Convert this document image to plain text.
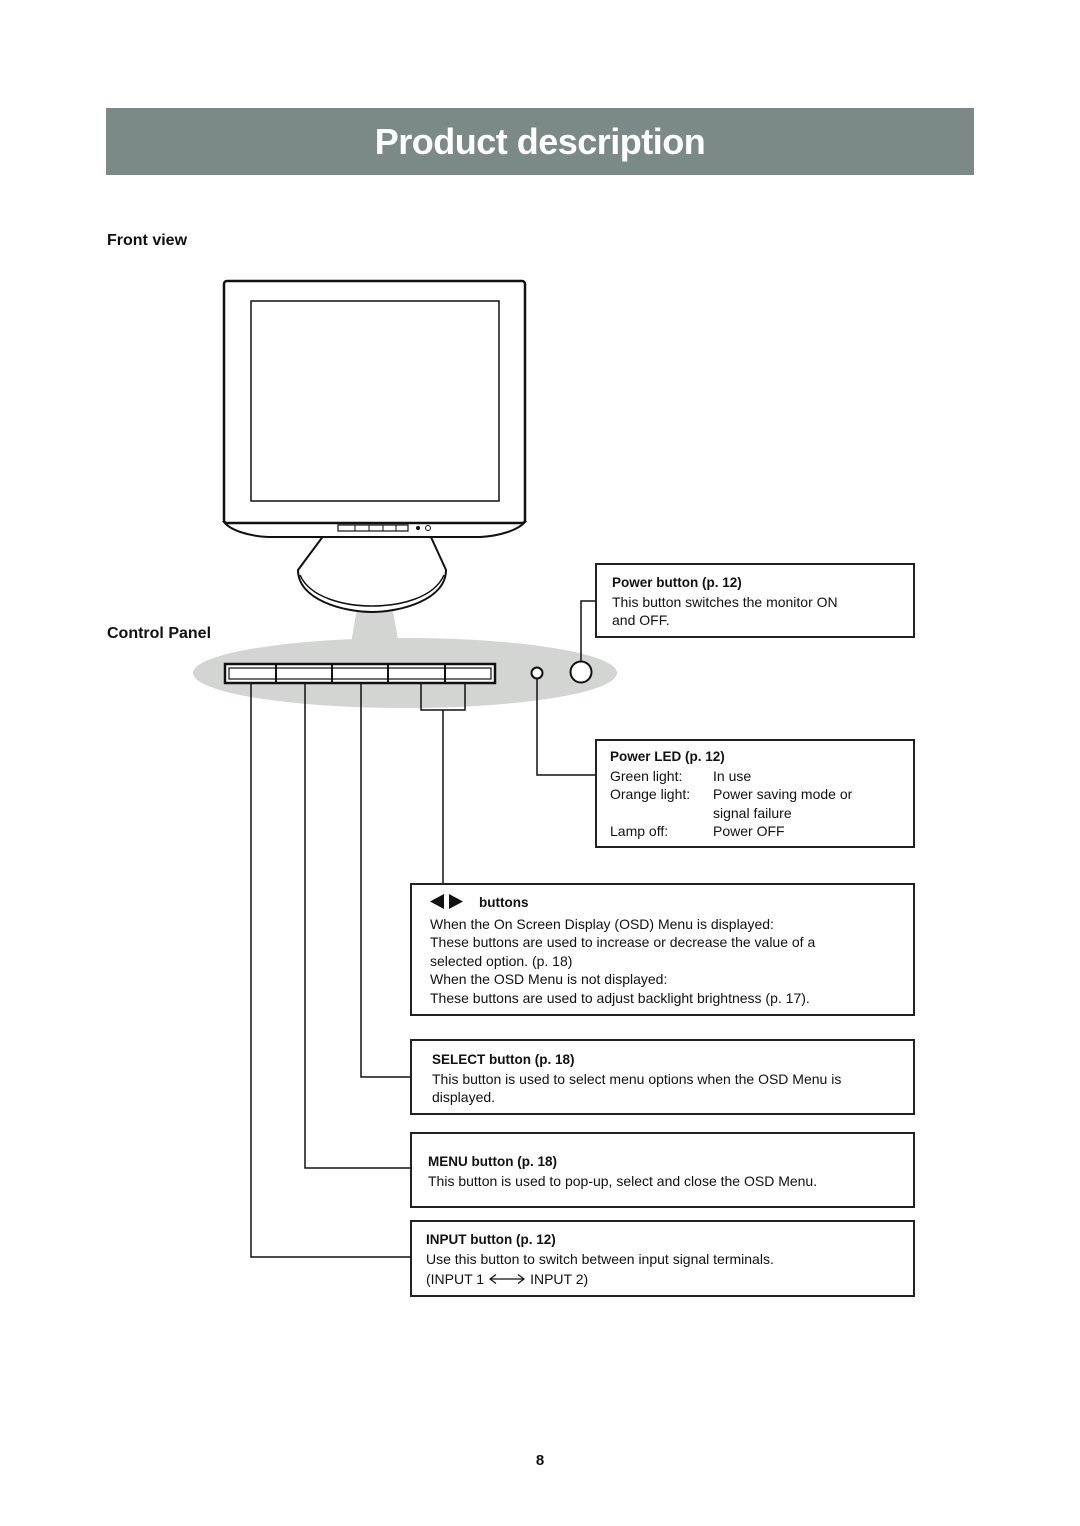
Product description
Front view
Control Panel
Power button (p. 12)
This button switches the monitor ON
and OFF.
Power LED (p. 12)
Green light:	In use
Orange light:	Power saving mode or
signal failure
Lamp off:	Power OFF
buttons
When the On Screen Display (OSD) Menu is displayed:
These buttons are used to increase or decrease the value of a
selected option. (p. 18)
When the OSD Menu is not displayed:
These buttons are used to adjust backlight brightness (p. 17).
SELECT button (p. 18)
This button is used to select menu options when the OSD Menu is
displayed.
MENU button (p. 18)
This button is used to pop-up, select and close the OSD Menu.
INPUT button (p. 12)
Use this button to switch between input signal terminals.
(INPUT 1	INPUT 2)
8
